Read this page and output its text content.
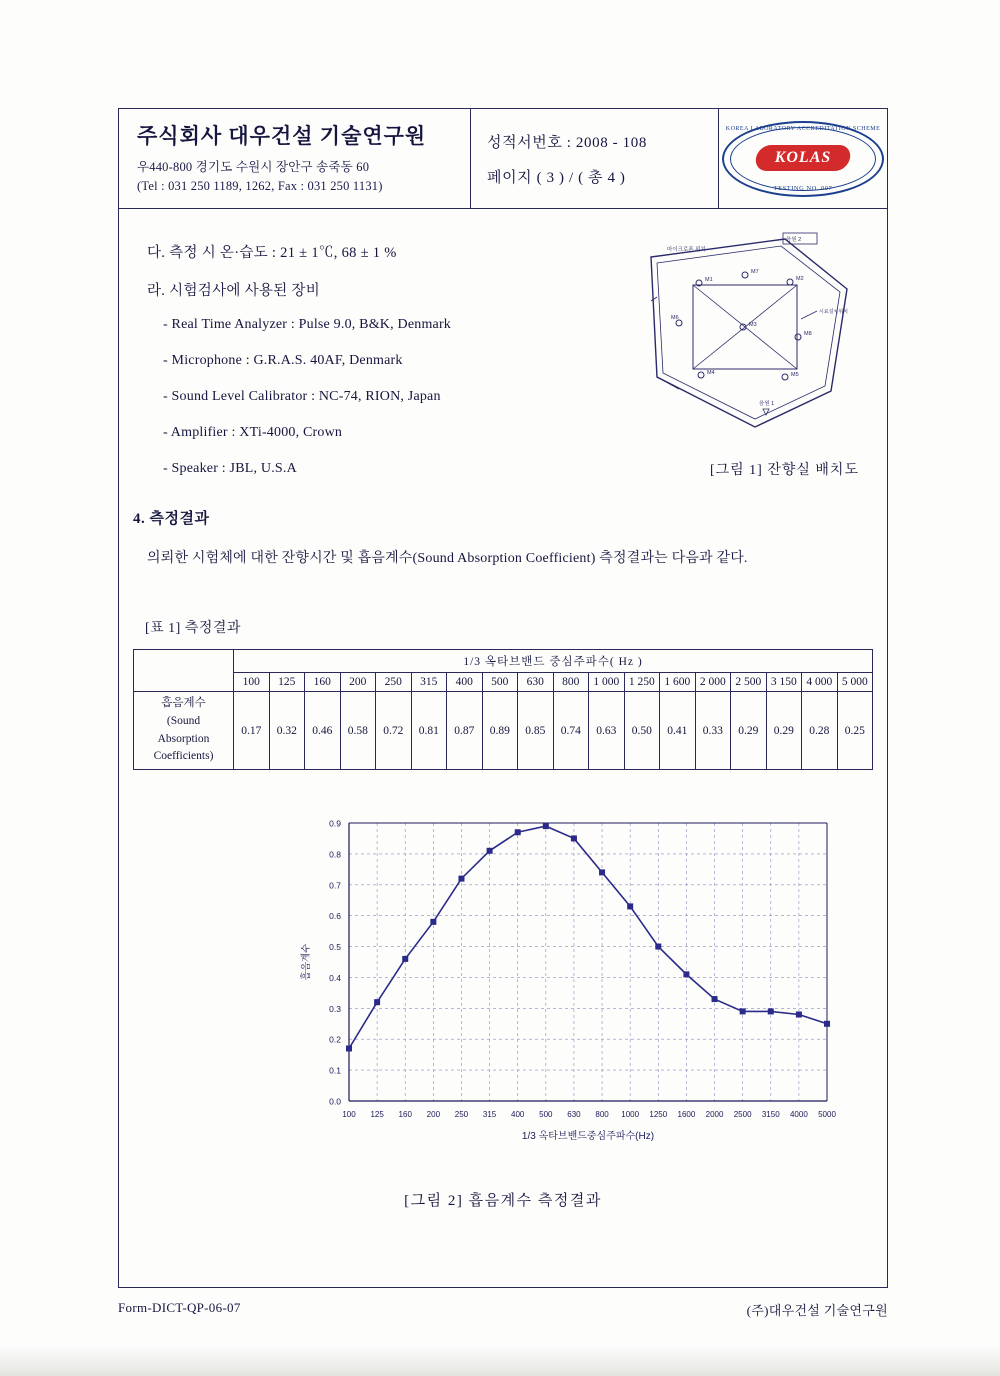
주식회사 대우건설 기술연구원
우440-800 경기도 수원시 장안구 송죽동 60
(Tel : 031 250 1189, 1262, Fax : 031 250 1131)
성적서번호 : 2008 - 108
페이지 ( 3 ) / ( 총 4 )
KOREA LABORATORY ACCREDITATION SCHEME
KOLAS
TESTING NO. 007
다. 측정 시 온·습도 : 21 ± 1℃, 68 ± 1 %
라. 시험검사에 사용된 장비
- Real Time Analyzer : Pulse 9.0, B&K, Denmark
- Microphone : G.R.A.S. 40AF, Denmark
- Sound Level Calibrator : NC-74, RION, Japan
- Amplifier : XTi-4000, Crown
- Speaker : JBL, U.S.A
M1
M7
M2
M6
M3
M8
M4	M5
마이크로폰 위치
음원 2
시료설치위치
음원 1
[그림 1] 잔향실 배치도
4. 측정결과
의뢰한 시험체에 대한 잔향시간 및 흡음계수(Sound Absorption Coefficient) 측정결과는 다음과 같다.
[표 1] 측정결과
	1/3 옥타브밴드 중심주파수( Hz )																	
	100	125	160	200	250	315	400	500	630	800	1 000	1 250	1 600	2 000	2 500	3 150	4 000	5 000

흡음계수
(Sound
Absorption
Coefficients)	0.17	0.32	0.46	0.58	0.72	0.81	0.87	0.89	0.85	0.74	0.63	0.50	0.41	0.33	0.29	0.29	0.28	0.25
0.0
0.1
0.2
0.3
0.4
0.5
0.6
0.7
0.8
0.9
100 125 160 200 250 315 400 500 630 800 1000 1250 1600 2000 2500 3150 4000 5000
흡음계수
1/3 옥타브밴드중심주파수(Hz)
[그림 2] 흡음계수 측정결과
Form-DICT-QP-06-07	(주)대우건설 기술연구원
